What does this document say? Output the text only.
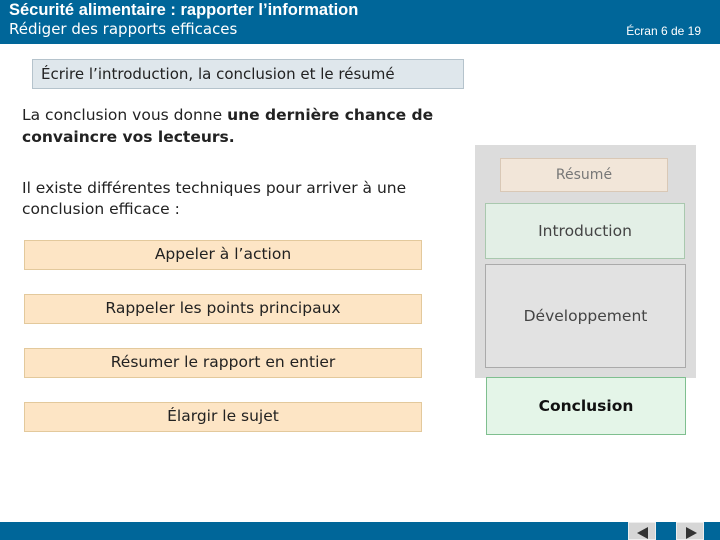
Sécurité alimentaire : rapporter l’information
Rédiger des rapports efficaces	Écran 6 de 19
Écrire l’introduction, la conclusion et le résumé
La conclusion vous donne une dernière chance de convaincre vos lecteurs.
Il existe différentes techniques pour arriver à une conclusion efficace :
Appeler à l’action
Rappeler les points principaux
Résumer le rapport en entier
Élargir le sujet
Résumé
Introduction
Développement
Conclusion
